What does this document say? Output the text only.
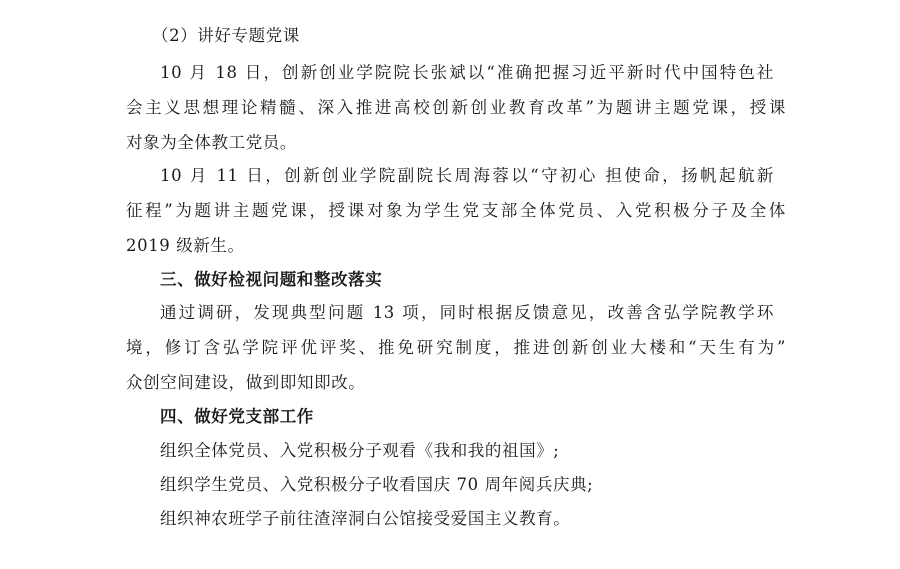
（2）讲好专题党课
10 月 18 日，创新创业学院院长张斌以“准确把握习近平新时代中国特色社
会主义思想理论精髓、深入推进高校创新创业教育改革”为题讲主题党课，授课
对象为全体教工党员。
10 月 11 日，创新创业学院副院长周海蓉以“守初心 担使命，扬帆起航新
征程”为题讲主题党课，授课对象为学生党支部全体党员、入党积极分子及全体
2019 级新生。
三、做好检视问题和整改落实
通过调研，发现典型问题 13 项，同时根据反馈意见，改善含弘学院教学环
境，修订含弘学院评优评奖、推免研究制度，推进创新创业大楼和“天生有为”
众创空间建设，做到即知即改。
四、做好党支部工作
组织全体党员、入党积极分子观看《我和我的祖国》;
组织学生党员、入党积极分子收看国庆 70 周年阅兵庆典;
组织神农班学子前往渣滓洞白公馆接受爱国主义教育。
